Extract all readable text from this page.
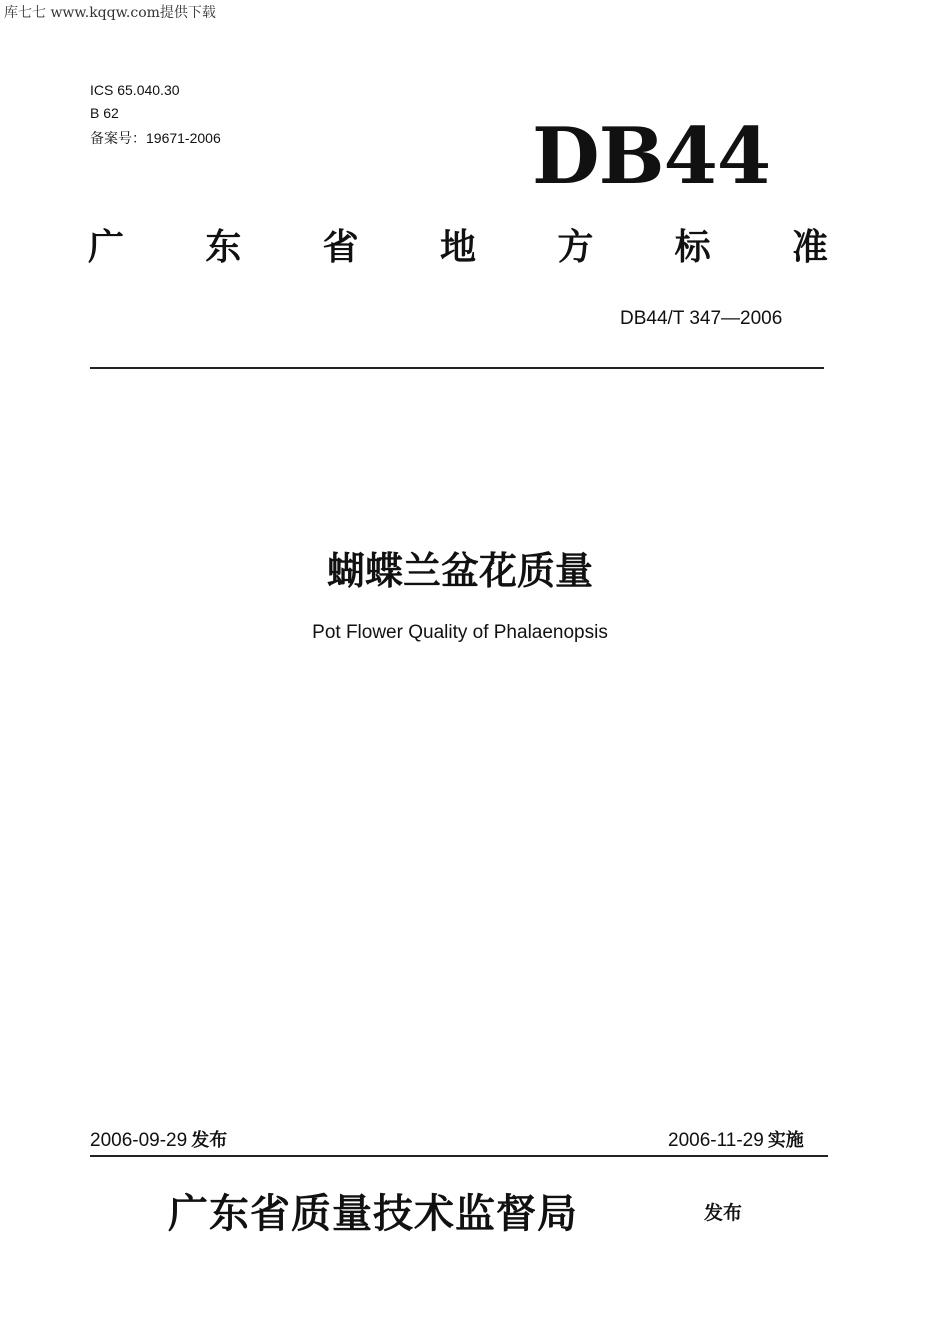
库七七 www.kqqw.com提供下载
ICS 65.040.30
B 62
备案号：19671-2006	DB44
广 东 省 地 方 标 准
DB44/T 347—2006
蝴蝶兰盆花质量
Pot Flower Quality of Phalaenopsis
2006-09-29 发布	2006-11-29 实施
广东省质量技术监督局	发布
